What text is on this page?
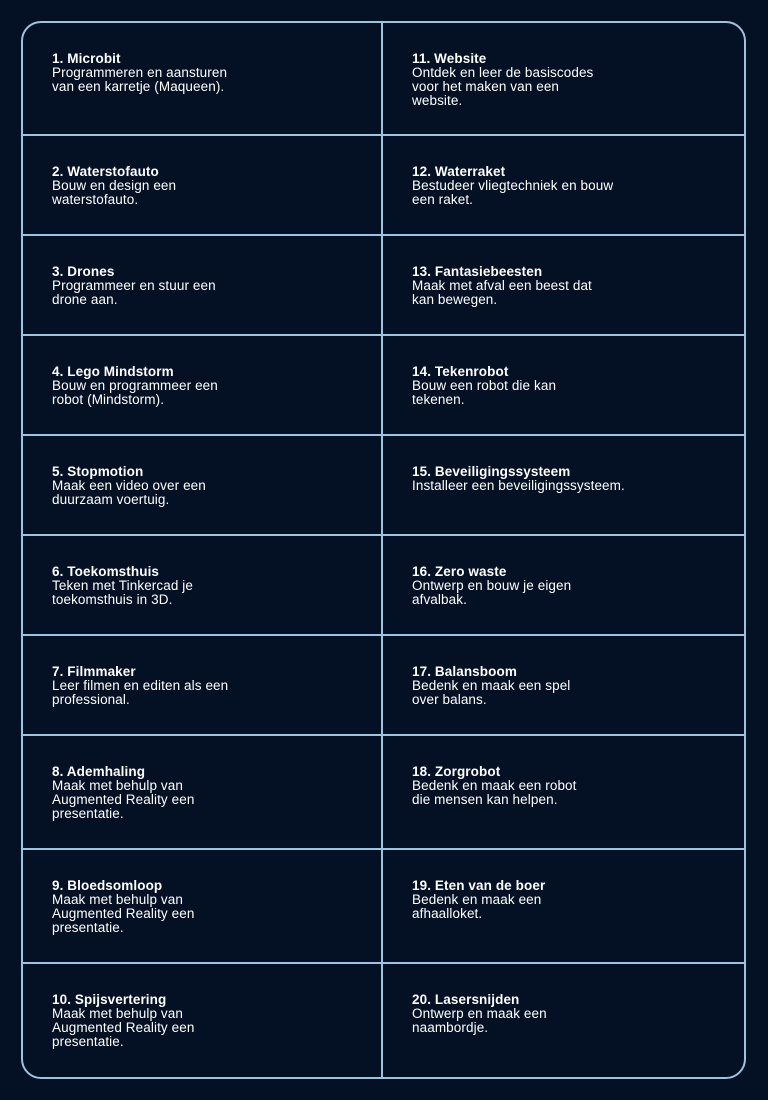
1. Microbit
Programmeren en aansturen
van een karretje (Maqueen).
11. Website
Ontdek en leer de basiscodes
voor het maken van een
website.
2. Waterstofauto
Bouw en design een
waterstofauto.
12. Waterraket
Bestudeer vliegtechniek en bouw
een raket.
3. Drones
Programmeer en stuur een
drone aan.
13. Fantasiebeesten
Maak met afval een beest dat
kan bewegen.
4. Lego Mindstorm
Bouw en programmeer een
robot (Mindstorm).
14. Tekenrobot
Bouw een robot die kan
tekenen.
5. Stopmotion
Maak een video over een
duurzaam voertuig.
15. Beveiligingssysteem
Installeer een beveiligingssysteem.
6. Toekomsthuis
Teken met Tinkercad je
toekomsthuis in 3D.
16. Zero waste
Ontwerp en bouw je eigen
afvalbak.
7. Filmmaker
Leer filmen en editen als een
professional.
17. Balansboom
Bedenk en maak een spel
over balans.
8. Ademhaling
Maak met behulp van
Augmented Reality een
presentatie.
18. Zorgrobot
Bedenk en maak een robot
die mensen kan helpen.
9. Bloedsomloop
Maak met behulp van
Augmented Reality een
presentatie.
19. Eten van de boer
Bedenk en maak een
afhaalloket.
10. Spijsvertering
Maak met behulp van
Augmented Reality een
presentatie.
20. Lasersnijden
Ontwerp en maak een
naambordje.
